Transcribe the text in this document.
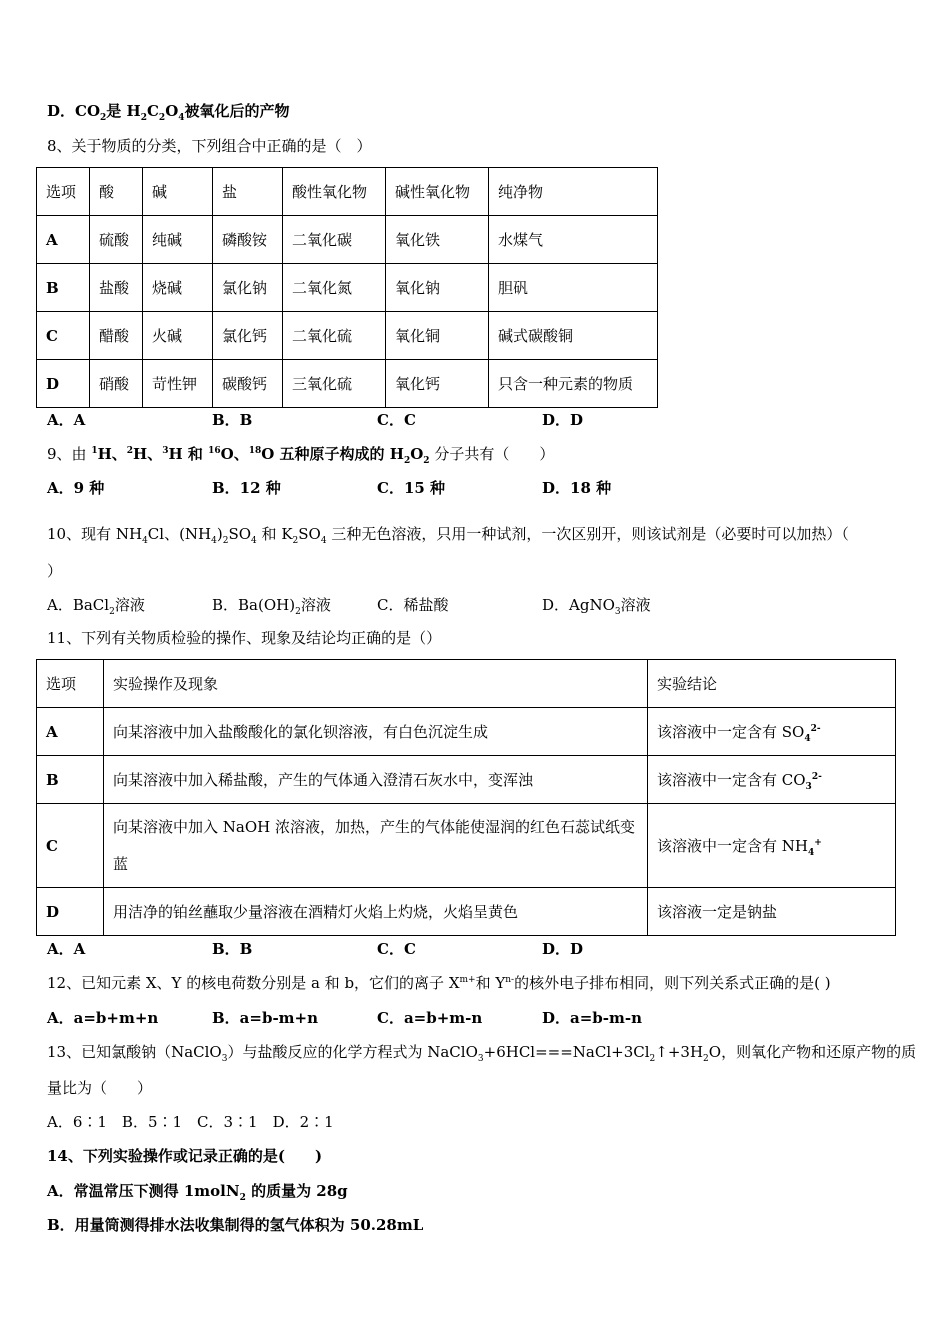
D．$CO_2$是 $H_2C_2O_4$被氧化后的产物
8、关于物质的分类，下列组合中正确的是（　）
选项	酸	碱	盐	酸性氧化物	碱性氧化物	纯净物
A	硫酸	纯碱	磷酸铵	二氧化碳	氧化铁	水煤气
B	盐酸	烧碱	氯化钠	二氧化氮	氧化钠	胆矾
C	醋酸	火碱	氯化钙	二氧化硫	氧化铜	碱式碳酸铜
D	硝酸	苛性钾	碳酸钙	三氧化硫	氧化钙	只含一种元素的物质
A．A	B．B	C．C	D．D
9、由 $^1$H、$^2$H、$^3$H 和 $^{16}$O、$^{18}$O 五种原子构成的 $H_2O_2$ 分子共有（　　）
A．9 种	B．12 种	C．15 种	D．18 种
10、现有 $NH_4Cl$、$(NH_4)_2SO_4$ 和 $K_2SO_4$ 三种无色溶液，只用一种试剂，一次区别开，则该试剂是（必要时可以加热）（
）
A．BaCl$_2$溶液	B．$Ba(OH)_2$溶液	C．稀盐酸	D．AgNO$_3$溶液
11、下列有关物质检验的操作、现象及结论均正确的是（）
选项	实验操作及现象	实验结论
A	向某溶液中加入盐酸酸化的氯化钡溶液，有白色沉淀生成	该溶液中一定含有 $SO_4^{2-}$
B	向某溶液中加入稀盐酸，产生的气体通入澄清石灰水中，变浑浊	该溶液中一定含有 $CO_3^{2-}$
C	向某溶液中加入 NaOH 浓溶液，加热，产生的气体能使湿润的红色石蕊试纸变蓝	该溶液中一定含有 $NH_4^+$
D	用洁净的铂丝蘸取少量溶液在酒精灯火焰上灼烧，火焰呈黄色	该溶液一定是钠盐
A．A	B．B	C．C	D．D
12、已知元素 X、Y 的核电荷数分别是 a 和 b，它们的离子 $X^{m+}$和 $Y^{n-}$的核外电子排布相同，则下列关系式正确的是( )
A．a=b+m+n	B．a=b-m+n	C．a=b+m-n	D．a=b-m-n
13、已知氯酸钠（NaClO$_3$）与盐酸反应的化学方程式为 $NaClO_3+6HCl===NaCl+3Cl_2↑+3H_2O$，则氧化产物和还原产物的质
量比为（　　）
A．6∶1　B．5∶1　C．3∶1　D．2∶1
14、下列实验操作或记录正确的是(　　)
A．常温常压下测得 1molN$_2$ 的质量为 28g
B．用量筒测得排水法收集制得的氢气体积为 50.28mL
